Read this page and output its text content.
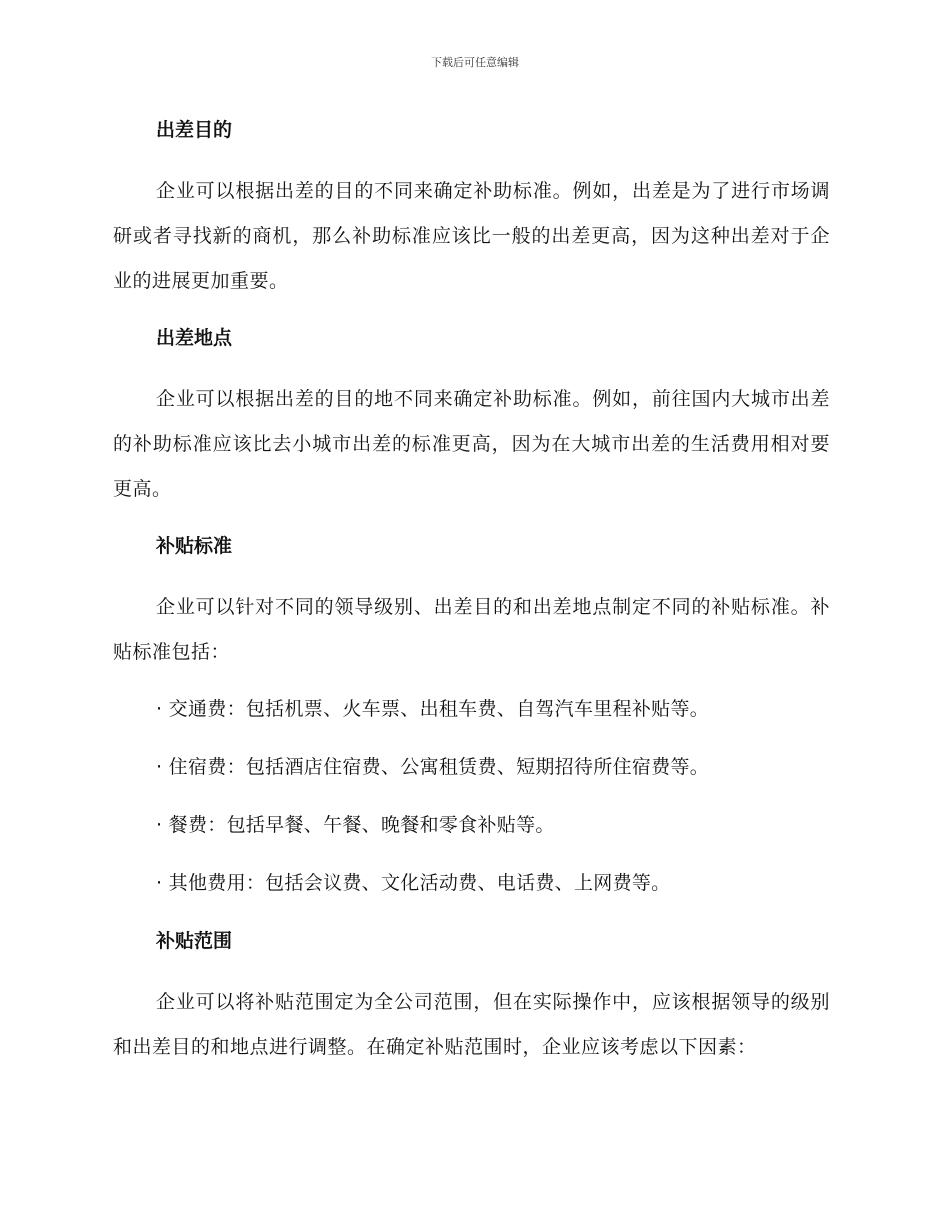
下载后可任意编辑
出差目的

企业可以根据出差的目的不同来确定补助标准。例如，出差是为了进行市场调研或者寻找新的商机，那么补助标准应该比一般的出差更高，因为这种出差对于企业的进展更加重要。

出差地点

企业可以根据出差的目的地不同来确定补助标准。例如，前往国内大城市出差的补助标准应该比去小城市出差的标准更高，因为在大城市出差的生活费用相对要更高。

补贴标准

企业可以针对不同的领导级别、出差目的和出差地点制定不同的补贴标准。补贴标准包括：

· 交通费：包括机票、火车票、出租车费、自驾汽车里程补贴等。

· 住宿费：包括酒店住宿费、公寓租赁费、短期招待所住宿费等。

· 餐费：包括早餐、午餐、晚餐和零食补贴等。

· 其他费用：包括会议费、文化活动费、电话费、上网费等。

补贴范围

企业可以将补贴范围定为全公司范围，但在实际操作中，应该根据领导的级别和出差目的和地点进行调整。在确定补贴范围时，企业应该考虑以下因素：
